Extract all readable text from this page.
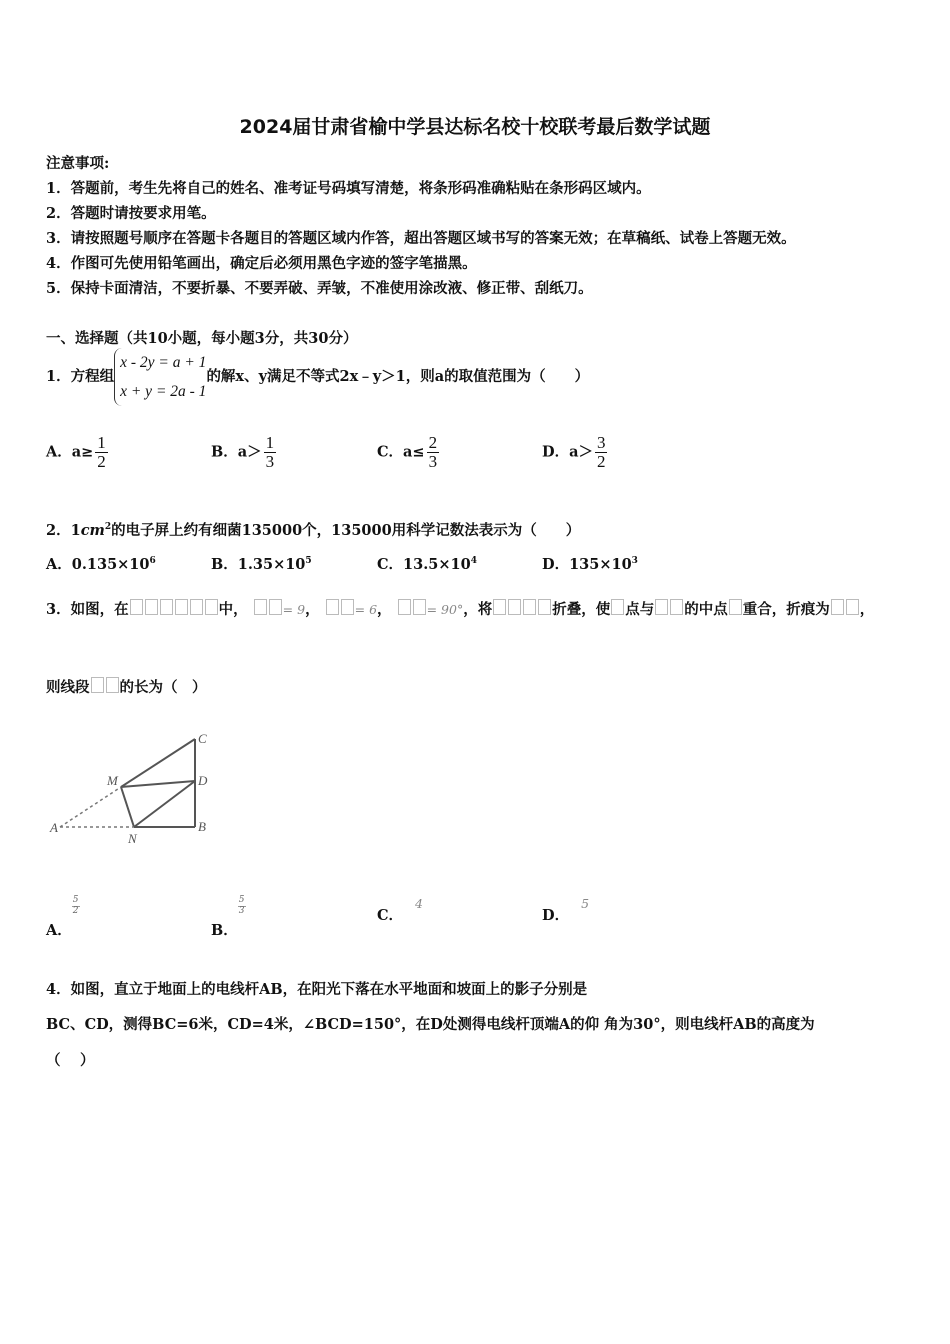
2024届甘肃省榆中学县达标名校十校联考最后数学试题
注意事项:
1．答题前，考生先将自己的姓名、准考证号码填写清楚，将条形码准确粘贴在条形码区域内。
2．答题时请按要求用笔。
3．请按照题号顺序在答题卡各题目的答题区域内作答，超出答题区域书写的答案无效；在草稿纸、试卷上答题无效。
4．作图可先使用铅笔画出，确定后必须用黑色字迹的签字笔描黑。
5．保持卡面清洁，不要折暴、不要弄破、弄皱，不准使用涂改液、修正带、刮纸刀。
一、选择题（共10小题，每小题3分，共30分）
1．方程组
x - 2y = a + 1
x + y = 2a - 1
的解x、y满足不等式2x﹣y＞1，则a的取值范围为（　　）
A．$a\ge \frac{1}{2}$	B．$a> \frac{1}{3}$	C．$a\le \frac{2}{3}$	D．$a> \frac{3}{2}$
2．$1cm^2$的电子屏上约有细菌135000个，135000用科学记数法表示为（　　）
A．$0.135\times 10^6$	B．$1.35\times 10^5$	C．$13.5\times 10^4$	D．$135\times 10^3$
3．如图，在	中，	= 9， = 6， = 90°，将	折叠，使 点与 的中点 重合，折痕为 ，
则线段 的长为（　）
C
M	D
A
N
B
A．
$\frac{5}{2}$
B．
$\frac{5}{3}$	C．4
D．5
4．如图，直立于地面上的电线杆AB，在阳光下落在水平地面和坡面上的影子分别是
BC、CD，测得BC=6米，CD=4米，∠BCD=150°，在D处测得电线杆顶端A的仰 角为30°，则电线杆AB的高度为
（　 ）
